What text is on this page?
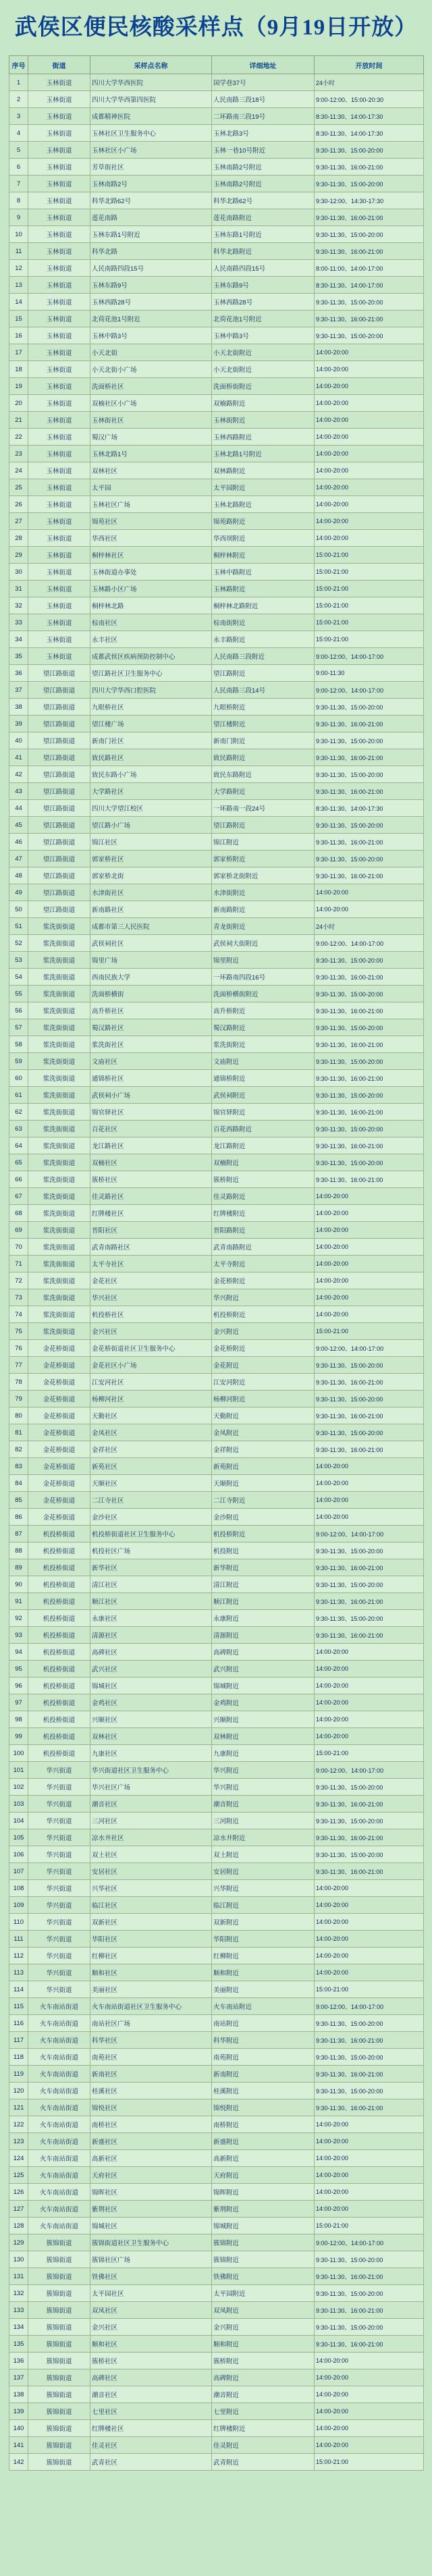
武侯区便民核酸采样点（9月19日开放）
序号	街道	采样点名称	详细地址	开放时间
1	玉林街道	四川大学华西医院	国学巷37号	24小时
2	玉林街道	四川大学华西第四医院	人民南路三段18号	9:00-12:00、15:00-20:30
3	玉林街道	成都精神医院	二环路南三段19号	8:30-11:30、14:00-17:30
4	玉林街道	玉林社区卫生服务中心	玉林北路3号	8:30-11:30、14:00-17:30
5	玉林街道	玉林社区小广场	玉林一巷10号附近	9:30-11:30、15:00-20:00
6	玉林街道	芳草街社区	玉林南路2号附近	9:30-11:30、16:00-21:00
7	玉林街道	玉林南路2号	玉林南路2号附近	9:30-11:30、15:00-20:00
8	玉林街道	科华北路62号	科华北路62号	9:30-12:00、14:30-17:30
9	玉林街道	莲花南路	莲花南路附近	9:30-11:30、16:00-21:00
10	玉林街道	玉林东路1号附近	玉林东路1号附近	9:30-11:30、15:00-20:00
11	玉林街道	科华北路	科华北路附近	9:30-11:30、16:00-21:00
12	玉林街道	人民南路四段15号	人民南路四段15号	8:00-11:00、14:00-17:00
13	玉林街道	玉林东路9号	玉林东路9号	8:30-11:30、14:00-17:00
14	玉林街道	玉林西路28号	玉林西路28号	9:30-11:30、15:00-20:00
15	玉林街道	北荷花池1号附近	北荷花池1号附近	9:30-11:30、16:00-21:00
16	玉林街道	玉林中路3号	玉林中路3号	9:30-11:30、15:00-20:00
17	玉林街道	小天北街	小天北街附近	14:00-20:00
18	玉林街道	小天北街小广场	小天北街附近	14:00-20:00
19	玉林街道	洗面桥社区	洗面桥街附近	14:00-20:00
20	玉林街道	双楠社区小广场	双楠路附近	14:00-20:00
21	玉林街道	玉林街社区	玉林街附近	14:00-20:00
22	玉林街道	蜀汉广场	玉林西路附近	14:00-20:00
23	玉林街道	玉林北路1号	玉林北路1号附近	14:00-20:00
24	玉林街道	双林社区	双林路附近	14:00-20:00
25	玉林街道	太平园	太平园附近	14:00-20:00
26	玉林街道	玉林社区广场	玉林北路附近	14:00-20:00
27	玉林街道	锦苑社区	锦苑路附近	14:00-20:00
28	玉林街道	华西社区	华西坝附近	14:00-20:00
29	玉林街道	桐梓林社区	桐梓林附近	15:00-21:00
30	玉林街道	玉林街道办事处	玉林中路附近	15:00-21:00
31	玉林街道	玉林路小区广场	玉林路附近	15:00-21:00
32	玉林街道	桐梓林北路	桐梓林北路附近	15:00-21:00
33	玉林街道	棕南社区	棕南街附近	15:00-21:00
34	玉林街道	永丰社区	永丰路附近	15:00-21:00
35	玉林街道	成都武侯区疾病预防控制中心	人民南路三段附近	9:00-12:00、14:00-17:00
36	望江路街道	望江路社区卫生服务中心	望江路附近	9:00-11:30
37	望江路街道	四川大学华西口腔医院	人民南路三段14号	9:00-12:00、14:00-17:00
38	望江路街道	九眼桥社区	九眼桥附近	9:30-11:30、15:00-20:00
39	望江路街道	望江楼广场	望江楼附近	9:30-11:30、16:00-21:00
40	望江路街道	新南门社区	新南门附近	9:30-11:30、15:00-20:00
41	望江路街道	致民路社区	致民路附近	9:30-11:30、16:00-21:00
42	望江路街道	致民东路小广场	致民东路附近	9:30-11:30、15:00-20:00
43	望江路街道	大学路社区	大学路附近	9:30-11:30、16:00-21:00
44	望江路街道	四川大学望江校区	一环路南一段24号	8:30-11:30、14:00-17:30
45	望江路街道	望江路小广场	望江路附近	9:30-11:30、15:00-20:00
46	望江路街道	锦江社区	锦江附近	9:30-11:30、16:00-21:00
47	望江路街道	郭家桥社区	郭家桥附近	9:30-11:30、15:00-20:00
48	望江路街道	郭家桥北街	郭家桥北街附近	9:30-11:30、16:00-21:00
49	望江路街道	水津街社区	水津街附近	14:00-20:00
50	望江路街道	新南路社区	新南路附近	14:00-20:00
51	浆洗街街道	成都市第三人民医院	青龙街附近	24小时
52	浆洗街街道	武侯祠社区	武侯祠大街附近	9:00-12:00、14:00-17:00
53	浆洗街街道	锦里广场	锦里附近	9:30-11:30、15:00-20:00
54	浆洗街街道	西南民族大学	一环路南四段16号	9:30-11:30、16:00-21:00
55	浆洗街街道	洗面桥横街	洗面桥横街附近	9:30-11:30、15:00-20:00
56	浆洗街街道	高升桥社区	高升桥附近	9:30-11:30、16:00-21:00
57	浆洗街街道	蜀汉路社区	蜀汉路附近	9:30-11:30、15:00-20:00
58	浆洗街街道	浆洗街社区	浆洗街附近	9:30-11:30、16:00-21:00
59	浆洗街街道	文庙社区	文庙附近	9:30-11:30、15:00-20:00
60	浆洗街街道	通锦桥社区	通锦桥附近	9:30-11:30、16:00-21:00
61	浆洗街街道	武侯祠小广场	武侯祠附近	9:30-11:30、15:00-20:00
62	浆洗街街道	锦官驿社区	锦官驿附近	9:30-11:30、16:00-21:00
63	浆洗街街道	百花社区	百花西路附近	9:30-11:30、15:00-20:00
64	浆洗街街道	龙江路社区	龙江路附近	9:30-11:30、16:00-21:00
65	浆洗街街道	双楠社区	双楠附近	9:30-11:30、15:00-20:00
66	浆洗街街道	簇桥社区	簇桥附近	9:30-11:30、16:00-21:00
67	浆洗街街道	佳灵路社区	佳灵路附近	14:00-20:00
68	浆洗街街道	红牌楼社区	红牌楼附近	14:00-20:00
69	浆洗街街道	晋阳社区	晋阳路附近	14:00-20:00
70	浆洗街街道	武青南路社区	武青南路附近	14:00-20:00
71	浆洗街街道	太平寺社区	太平寺附近	14:00-20:00
72	浆洗街街道	金花社区	金花桥附近	14:00-20:00
73	浆洗街街道	华兴社区	华兴附近	14:00-20:00
74	浆洗街街道	机投桥社区	机投桥附近	14:00-20:00
75	浆洗街街道	金兴社区	金兴附近	15:00-21:00
76	金花桥街道	金花桥街道社区卫生服务中心	金花桥附近	9:00-12:00、14:00-17:00
77	金花桥街道	金花社区小广场	金花附近	9:30-11:30、15:00-20:00
78	金花桥街道	江安河社区	江安河附近	9:30-11:30、16:00-21:00
79	金花桥街道	杨柳河社区	杨柳河附近	9:30-11:30、15:00-20:00
80	金花桥街道	天勤社区	天勤附近	9:30-11:30、16:00-21:00
81	金花桥街道	金凤社区	金凤附近	9:30-11:30、15:00-20:00
82	金花桥街道	金祥社区	金祥附近	9:30-11:30、16:00-21:00
83	金花桥街道	新苑社区	新苑附近	14:00-20:00
84	金花桥街道	天顺社区	天顺附近	14:00-20:00
85	金花桥街道	二江寺社区	二江寺附近	14:00-20:00
86	金花桥街道	金沙社区	金沙附近	14:00-20:00
87	机投桥街道	机投桥街道社区卫生服务中心	机投桥附近	9:00-12:00、14:00-17:00
88	机投桥街道	机投社区广场	机投附近	9:30-11:30、15:00-20:00
89	机投桥街道	新华社区	新华附近	9:30-11:30、16:00-21:00
90	机投桥街道	清江社区	清江附近	9:30-11:30、15:00-20:00
91	机投桥街道	顺江社区	顺江附近	9:30-11:30、16:00-21:00
92	机投桥街道	永康社区	永康附近	9:30-11:30、15:00-20:00
93	机投桥街道	清源社区	清源附近	9:30-11:30、16:00-21:00
94	机投桥街道	高碑社区	高碑附近	14:00-20:00
95	机投桥街道	武兴社区	武兴附近	14:00-20:00
96	机投桥街道	锦城社区	锦城附近	14:00-20:00
97	机投桥街道	金鸡社区	金鸡附近	14:00-20:00
98	机投桥街道	兴顺社区	兴顺附近	14:00-20:00
99	机投桥街道	双林社区	双林附近	14:00-20:00
100	机投桥街道	九康社区	九康附近	15:00-21:00
101	华兴街道	华兴街道社区卫生服务中心	华兴附近	9:00-12:00、14:00-17:00
102	华兴街道	华兴社区广场	华兴附近	9:30-11:30、15:00-20:00
103	华兴街道	潮音社区	潮音附近	9:30-11:30、16:00-21:00
104	华兴街道	三河社区	三河附近	9:30-11:30、15:00-20:00
105	华兴街道	凉水井社区	凉水井附近	9:30-11:30、16:00-21:00
106	华兴街道	双土社区	双土附近	9:30-11:30、15:00-20:00
107	华兴街道	安居社区	安居附近	9:30-11:30、16:00-21:00
108	华兴街道	兴华社区	兴华附近	14:00-20:00
109	华兴街道	临江社区	临江附近	14:00-20:00
110	华兴街道	双新社区	双新附近	14:00-20:00
111	华兴街道	华阳社区	华阳附近	14:00-20:00
112	华兴街道	红柳社区	红柳附近	14:00-20:00
113	华兴街道	顺和社区	顺和附近	14:00-20:00
114	华兴街道	美丽社区	美丽附近	15:00-21:00
115	火车南站街道	火车南站街道社区卫生服务中心	火车南站附近	9:00-12:00、14:00-17:00
116	火车南站街道	南站社区广场	南站附近	9:30-11:30、15:00-20:00
117	火车南站街道	科华社区	科华附近	9:30-11:30、16:00-21:00
118	火车南站街道	南苑社区	南苑附近	9:30-11:30、15:00-20:00
119	火车南站街道	新南社区	新南附近	9:30-11:30、16:00-21:00
120	火车南站街道	桂溪社区	桂溪附近	9:30-11:30、15:00-20:00
121	火车南站街道	锦悦社区	锦悦附近	9:30-11:30、16:00-21:00
122	火车南站街道	南桥社区	南桥附近	14:00-20:00
123	火车南站街道	新盛社区	新盛附近	14:00-20:00
124	火车南站街道	高新社区	高新附近	14:00-20:00
125	火车南站街道	天府社区	天府附近	14:00-20:00
126	火车南站街道	锦晖社区	锦晖附近	14:00-20:00
127	火车南站街道	紫荆社区	紫荆附近	14:00-20:00
128	火车南站街道	锦城社区	锦城附近	15:00-21:00
129	簇锦街道	簇锦街道社区卫生服务中心	簇锦附近	9:00-12:00、14:00-17:00
130	簇锦街道	簇锦社区广场	簇锦附近	9:30-11:30、15:00-20:00
131	簇锦街道	铁佛社区	铁佛附近	9:30-11:30、16:00-21:00
132	簇锦街道	太平园社区	太平园附近	9:30-11:30、15:00-20:00
133	簇锦街道	双凤社区	双凤附近	9:30-11:30、16:00-21:00
134	簇锦街道	金兴社区	金兴附近	9:30-11:30、15:00-20:00
135	簇锦街道	顺和社区	顺和附近	9:30-11:30、16:00-21:00
136	簇锦街道	簇桥社区	簇桥附近	14:00-20:00
137	簇锦街道	高碑社区	高碑附近	14:00-20:00
138	簇锦街道	潮音社区	潮音附近	14:00-20:00
139	簇锦街道	七里社区	七里附近	14:00-20:00
140	簇锦街道	红牌楼社区	红牌楼附近	14:00-20:00
141	簇锦街道	佳灵社区	佳灵附近	14:00-20:00
142	簇锦街道	武青社区	武青附近	15:00-21:00
